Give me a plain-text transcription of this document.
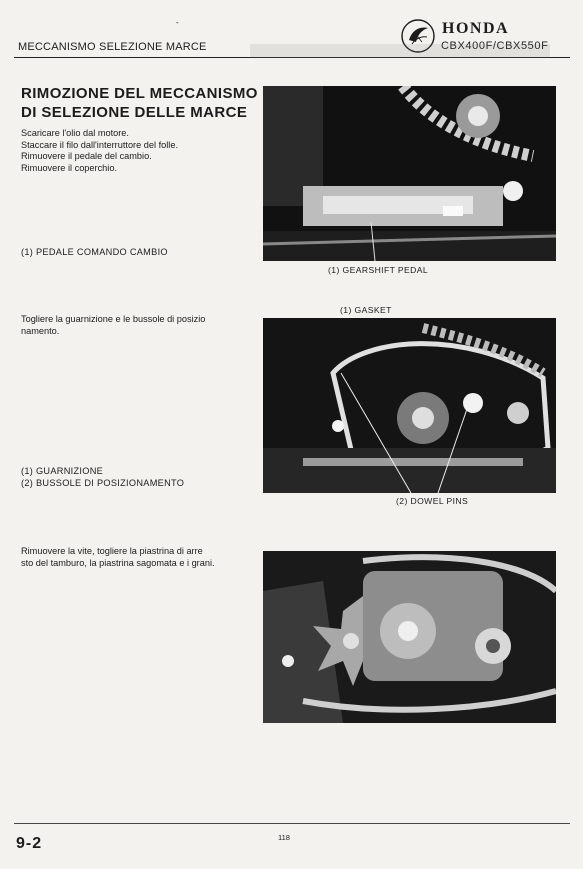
-
MECCANISMO SELEZIONE MARCE
HONDA
RIMOZIONE DEL MECCANISMO
DI SELEZIONE DELLE MARCE
Scaricare l'olio dal motore.
Staccare il filo dall'interruttore del folle.
Rimuovere il pedale del cambio.
Rimuovere il coperchio.
(1) PEDALE COMANDO CAMBIO
(1) GEARSHIFT PEDAL
(1) GASKET
(2) DOWEL PINS
Togliere la guarnizione e le bussole di posizio
namento.
(1) GUARNIZIONE
(2) BUSSOLE DI POSIZIONAMENTO
Rimuovere la vite, togliere la piastrina di arre
sto del tamburo, la piastrina sagomata e i grani.
9-2	118
